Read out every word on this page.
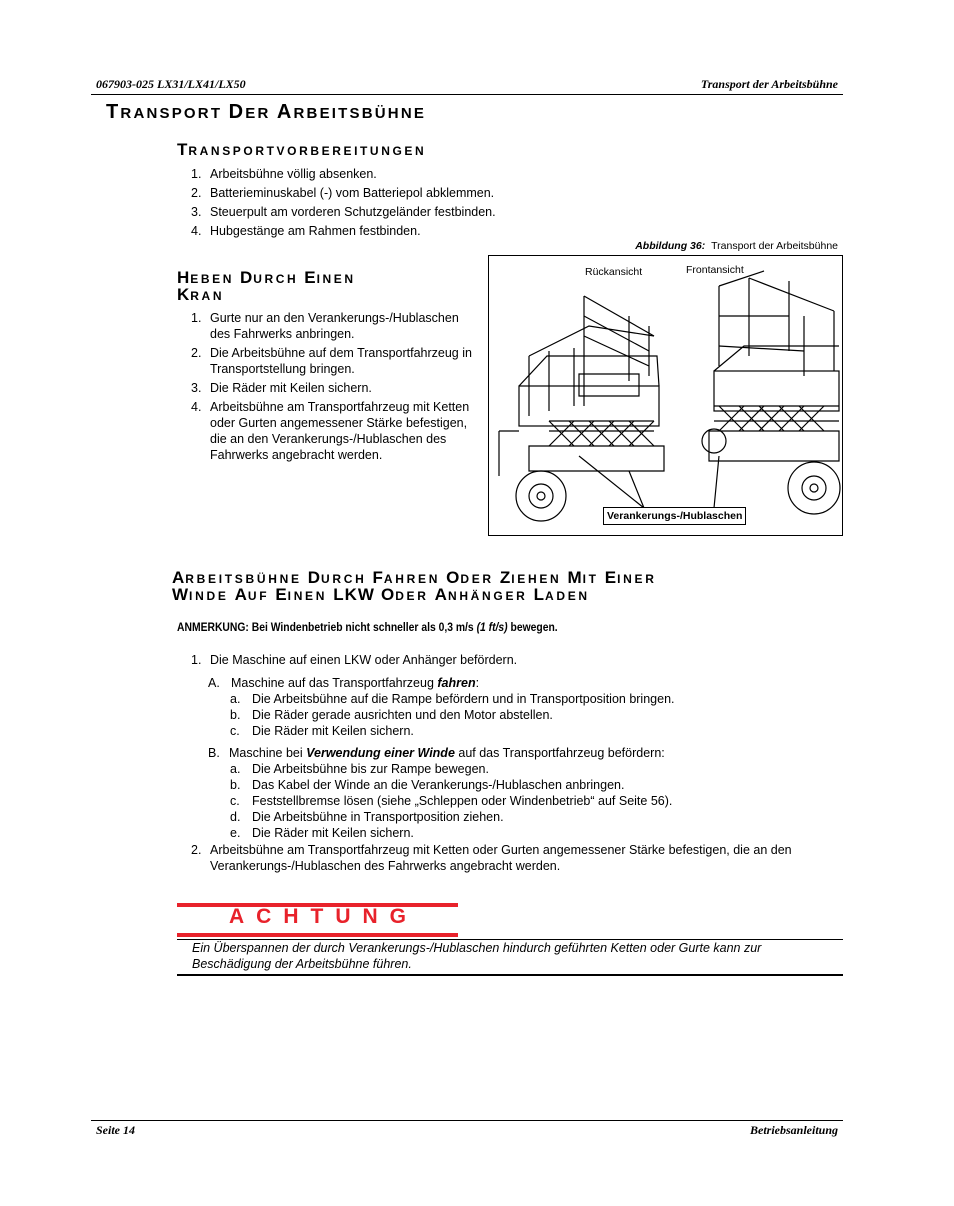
067903-025 LX31/LX41/LX50	Transport der Arbeitsbühne
TRANSPORT DER ARBEITSBÜHNE
TRANSPORTVORBEREITUNGEN
1. Arbeitsbühne völlig absenken.
2. Batterieminuskabel (-) vom Batteriepol abklemmen.
3. Steuerpult am vorderen Schutzgeländer festbinden.
4. Hubgestänge am Rahmen festbinden.
Abbildung 36: Transport der Arbeitsbühne
Rückansicht	Frontansicht
Verankerungs-/Hublaschen
HEBEN DURCH EINEN
KRAN
1. Gurte nur an den Verankerungs-/Hublaschen des Fahrwerks anbringen.
2. Die Arbeitsbühne auf dem Transportfahrzeug in Transportstellung bringen.
3. Die Räder mit Keilen sichern.
4. Arbeitsbühne am Transportfahrzeug mit Ketten oder Gurten angemessener Stärke befestigen, die an den Verankerungs-/Hublaschen des Fahrwerks angebracht werden.
ARBEITSBÜHNE DURCH FAHREN ODER ZIEHEN MIT EINER
WINDE AUF EINEN LKW ODER ANHÄNGER LADEN
ANMERKUNG: Bei Windenbetrieb nicht schneller als 0,3 m/s (1 ft/s) bewegen.
1. Die Maschine auf einen LKW oder Anhänger befördern.
A. Maschine auf das Transportfahrzeug fahren:
a. Die Arbeitsbühne auf die Rampe befördern und in Transportposition bringen.
b. Die Räder gerade ausrichten und den Motor abstellen.
c. Die Räder mit Keilen sichern.
B. Maschine bei Verwendung einer Winde auf das Transportfahrzeug befördern:
a. Die Arbeitsbühne bis zur Rampe bewegen.
b. Das Kabel der Winde an die Verankerungs-/Hublaschen anbringen.
c. Feststellbremse lösen (siehe „Schleppen oder Windenbetrieb“ auf Seite 56).
d. Die Arbeitsbühne in Transportposition ziehen.
e. Die Räder mit Keilen sichern.
2. Arbeitsbühne am Transportfahrzeug mit Ketten oder Gurten angemessener Stärke befestigen, die an den
Verankerungs-/Hublaschen des Fahrwerks angebracht werden.
ACHTUNG
Ein Überspannen der durch Verankerungs-/Hublaschen hindurch geführten Ketten oder Gurte kann zur
Beschädigung der Arbeitsbühne führen.
Seite 14	Betriebsanleitung
